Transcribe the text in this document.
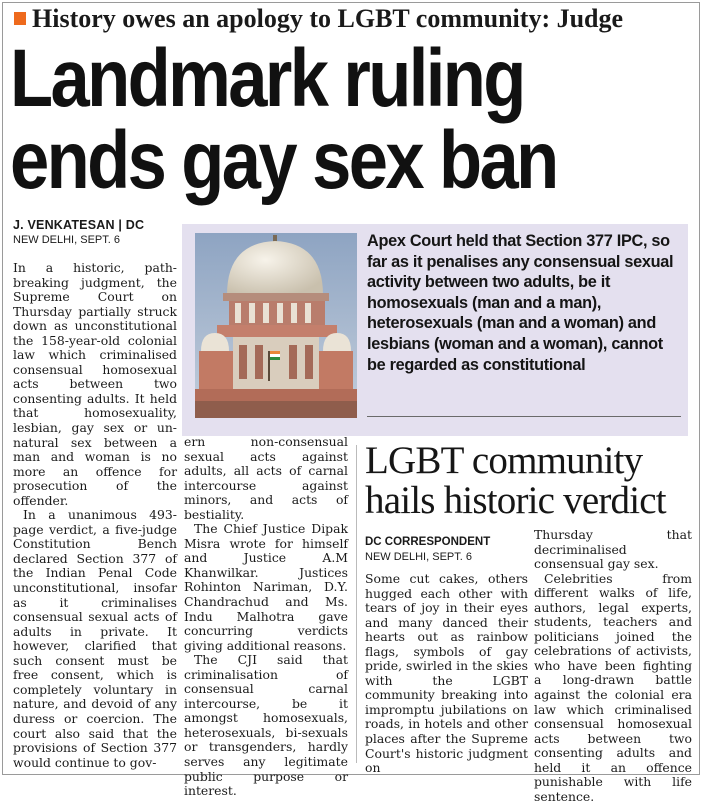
History owes an apology to LGBT community: Judge
Landmark ruling
ends gay sex ban
J. VENKATESAN | DC
NEW DELHI, SEPT. 6

In a historic, path-breaking judgment, the Supreme Court on Thursday partially struck down as unconstitutional the 158-year-old colonial law which criminalised consensual homosexual acts between two consenting adults. It held that homosexuality, lesbian, gay sex or un-natural sex between a man and woman is no more an offence for prosecution of the offender.

In a unanimous 493-page verdict, a five-judge Constitution Bench declared Section 377 of the Indian Penal Code unconstitutional, insofar as it criminalises consensual sexual acts of adults in private. It however, clarified that such consent must be free consent, which is completely voluntary in nature, and devoid of any duress or coercion. The court also said that the provisions of Section 377 would continue to gov-

Apex Court held that Section 377 IPC, so far as it penalises any consensual sexual activity between two adults, be it homosexuals (man and a man), heterosexuals (man and a woman) and lesbians (woman and a woman), cannot be regarded as constitutional

ern non-consensual sexual acts against adults, all acts of carnal intercourse against minors, and acts of bestiality.

The Chief Justice Dipak Misra wrote for himself and Justice A.M Khanwilkar. Justices Rohinton Nariman, D.Y. Chandrachud and Ms. Indu Malhotra gave concurring verdicts giving additional reasons.

The CJI said that criminalisation of consensual carnal intercourse, be it amongst homosexuals, heterosexuals, bi-sexuals or transgenders, hardly serves any legitimate public purpose or interest.

LGBT community
hails historic verdict
DC CORRESPONDENT
NEW DELHI, SEPT. 6

Some cut cakes, others hugged each other with tears of joy in their eyes and many danced their hearts out as rainbow flags, symbols of gay pride, swirled in the skies with the LGBT community breaking into impromptu jubilations on roads, in hotels and other places after the Supreme Court's historic judgment on

Thursday that decriminalised consensual gay sex.

Celebrities from different walks of life, authors, legal experts, students, teachers and politicians joined the celebrations of activists, who have been fighting a long-drawn battle against the colonial era law which criminalised consensual homosexual acts between two consenting adults and held it an offence punishable with life sentence.
